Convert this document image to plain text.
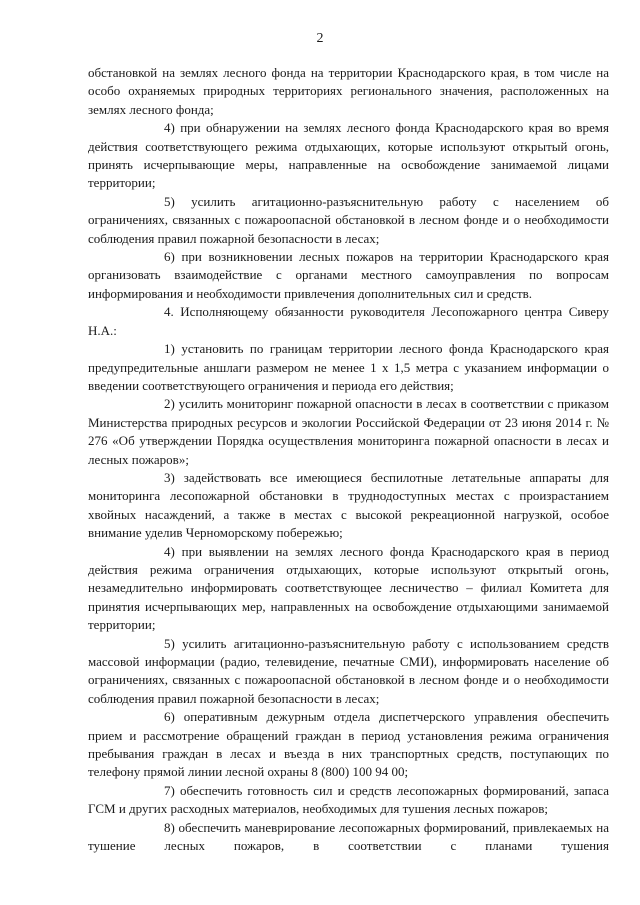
2

обстановкой на землях лесного фонда на территории Краснодарского края, в том числе на особо охраняемых природных территориях регионального значения, расположенных на землях лесного фонда;

4) при обнаружении на землях лесного фонда Краснодарского края во время действия соответствующего режима отдыхающих, которые используют открытый огонь, принять исчерпывающие меры, направленные на освобождение занимаемой лицами территории;

5) усилить агитационно-разъяснительную работу с населением об ограничениях, связанных с пожароопасной обстановкой в лесном фонде и о необходимости соблюдения правил пожарной безопасности в лесах;

6) при возникновении лесных пожаров на территории Краснодарского края организовать взаимодействие с органами местного самоуправления по вопросам информирования и необходимости привлечения дополнительных сил и средств.

4. Исполняющему обязанности руководителя Лесопожарного центра Сиверу Н.А.:

1) установить по границам территории лесного фонда Краснодарского края предупредительные аншлаги размером не менее 1 х 1,5 метра с указанием информации о введении соответствующего ограничения и периода его действия;

2) усилить мониторинг пожарной опасности в лесах в соответствии с приказом Министерства природных ресурсов и экологии Российской Федерации от 23 июня 2014 г. № 276 «Об утверждении Порядка осуществления мониторинга пожарной опасности в лесах и лесных пожаров»;

3) задействовать все имеющиеся беспилотные летательные аппараты для мониторинга лесопожарной обстановки в труднодоступных местах с произрастанием хвойных насаждений, а также в местах с высокой рекреационной нагрузкой, особое внимание уделив Черноморскому побережью;

4) при выявлении на землях лесного фонда Краснодарского края в период действия режима ограничения отдыхающих, которые используют открытый огонь, незамедлительно информировать соответствующее лесничество – филиал Комитета для принятия исчерпывающих мер, направленных на освобождение отдыхающими занимаемой территории;

5) усилить агитационно-разъяснительную работу с использованием средств массовой информации (радио, телевидение, печатные СМИ), информировать население об ограничениях, связанных с пожароопасной обстановкой в лесном фонде и о необходимости соблюдения правил пожарной безопасности в лесах;

6) оперативным дежурным отдела диспетчерского управления обеспечить прием и рассмотрение обращений граждан в период установления режима ограничения пребывания граждан в лесах и въезда в них транспортных средств, поступающих по телефону прямой линии лесной охраны 8 (800) 100 94 00;

7) обеспечить готовность сил и средств лесопожарных формирований, запаса ГСМ и других расходных материалов, необходимых для тушения лесных пожаров;

8) обеспечить маневрирование лесопожарных формирований, привлекаемых на тушение лесных пожаров, в соответствии с планами тушения
